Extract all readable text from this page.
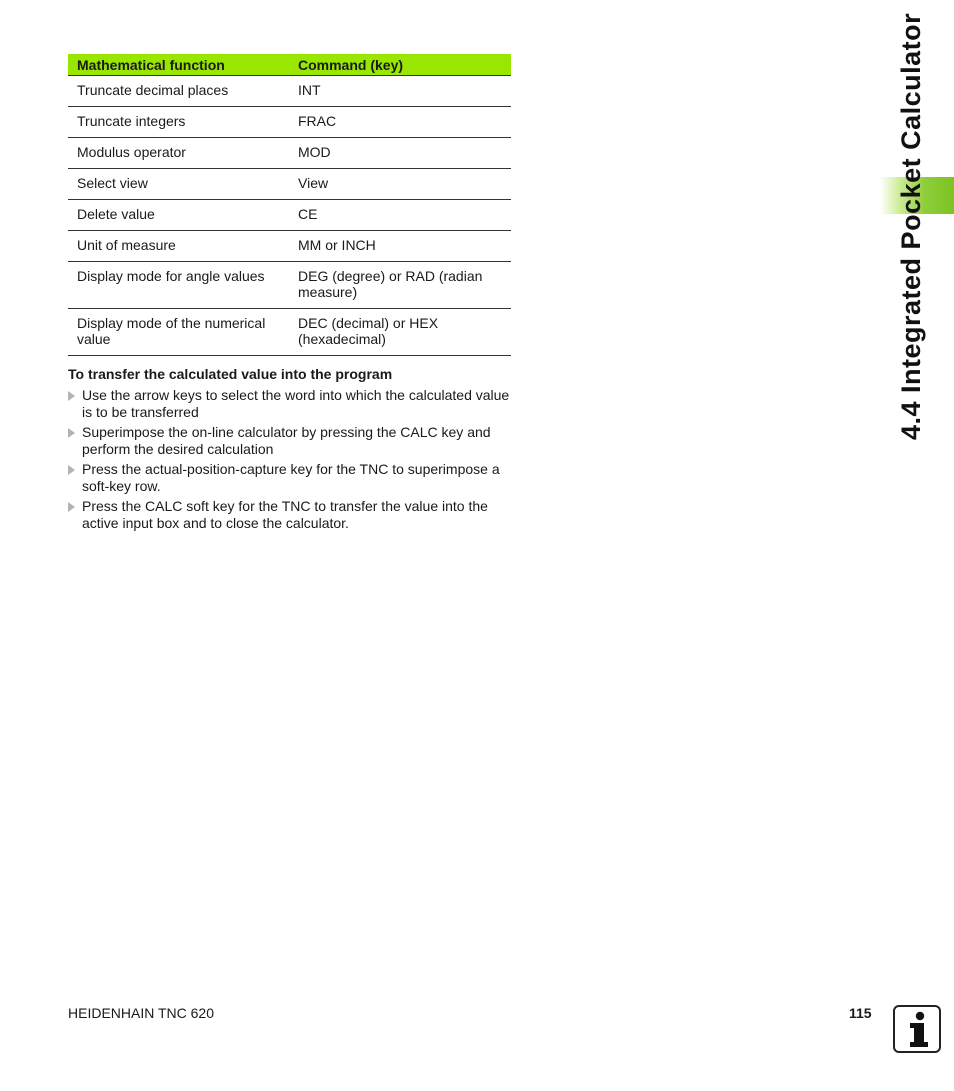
Mathematical function	Command (key)
Truncate decimal places	INT
Truncate integers	FRAC
Modulus operator	MOD
Select view	View
Delete value	CE
Unit of measure	MM or INCH
Display mode for angle values	DEG (degree) or RAD (radian measure)
Display mode of the numerical value	DEC (decimal) or HEX (hexadecimal)
To transfer the calculated value into the program
Use the arrow keys to select the word into which the calculated value is to be transferred
Superimpose the on-line calculator by pressing the CALC key and perform the desired calculation
Press the actual-position-capture key for the TNC to superimpose a soft-key row.
Press the CALC soft key for the TNC to transfer the value into the active input box and to close the calculator.
4.4 Integrated Pocket Calculator
HEIDENHAIN TNC 620	115
